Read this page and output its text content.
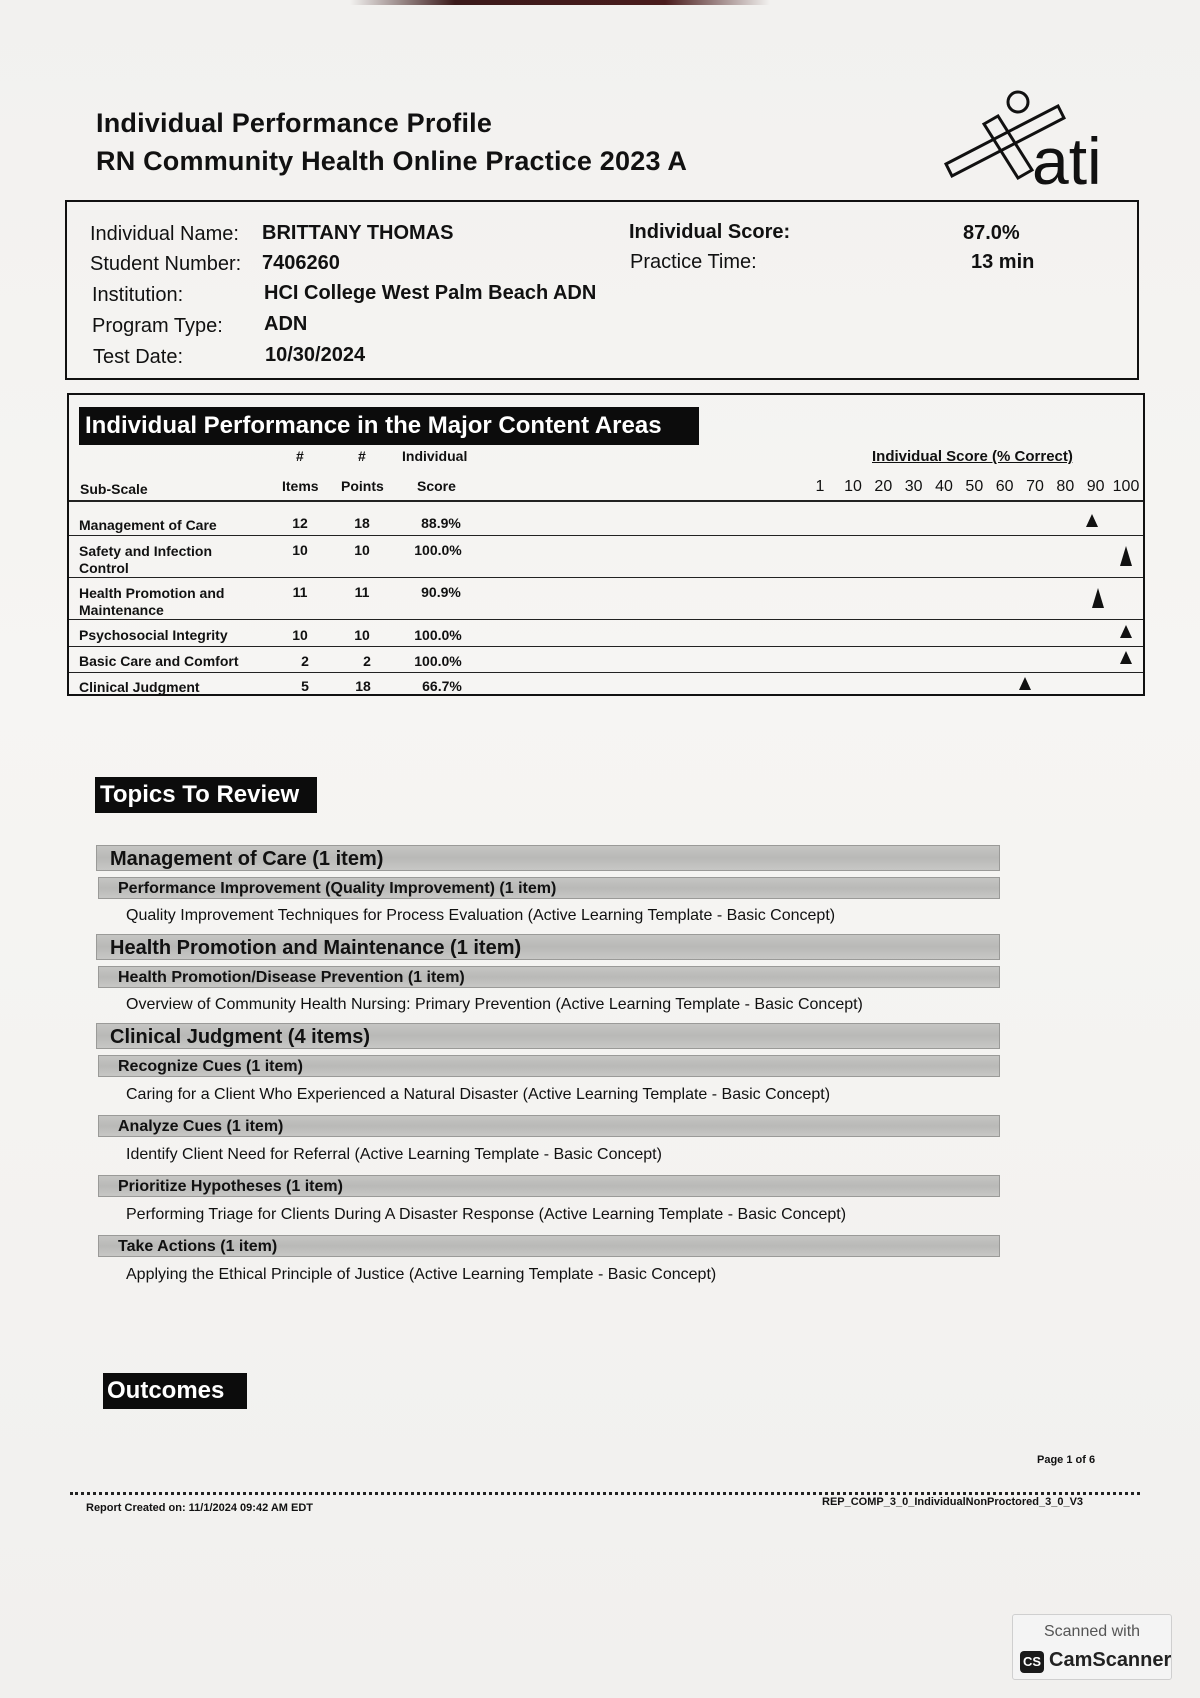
Individual Performance Profile
RN Community Health Online Practice 2023 A	ati
Individual Name: BRITTANY THOMAS
Student Number: 7406260
Institution:	HCI College West Palm Beach ADN
Program Type: ADN
Test Date:	10/30/2024
Individual Score:	87.0%
Practice Time:	13 min
Individual Performance in the Major Content Areas
#	#	Individual
Sub-Scale	Items Points Score
Individual Score (% Correct)
1 10 20 30 40 50 60 70 80 90 100
Management of Care	12	18	88.9%
Safety and Infection Control
10	10	100.0%
Health Promotion and Maintenance
11	11	90.9%
Psychosocial Integrity	10	10	100.0%
Basic Care and Comfort	2	2	100.0%
Clinical Judgment	5	18	66.7%
Topics To Review
Management of Care (1 item)
Performance Improvement (Quality Improvement) (1 item)
Quality Improvement Techniques for Process Evaluation (Active Learning Template - Basic Concept)
Health Promotion and Maintenance (1 item)
Health Promotion/Disease Prevention (1 item)
Overview of Community Health Nursing: Primary Prevention (Active Learning Template - Basic Concept)
Clinical Judgment (4 items)
Recognize Cues (1 item)
Caring for a Client Who Experienced a Natural Disaster (Active Learning Template - Basic Concept)
Analyze Cues (1 item)
Identify Client Need for Referral (Active Learning Template - Basic Concept)
Prioritize Hypotheses (1 item)
Performing Triage for Clients During A Disaster Response (Active Learning Template - Basic Concept)
Take Actions (1 item)
Applying the Ethical Principle of Justice (Active Learning Template - Basic Concept)
Outcomes
Page 1 of 6
Report Created on: 11/1/2024 09:42 AM EDT	REP_COMP_3_0_IndividualNonProctored_3_0_V3
Scanned with
CS CamScanner
